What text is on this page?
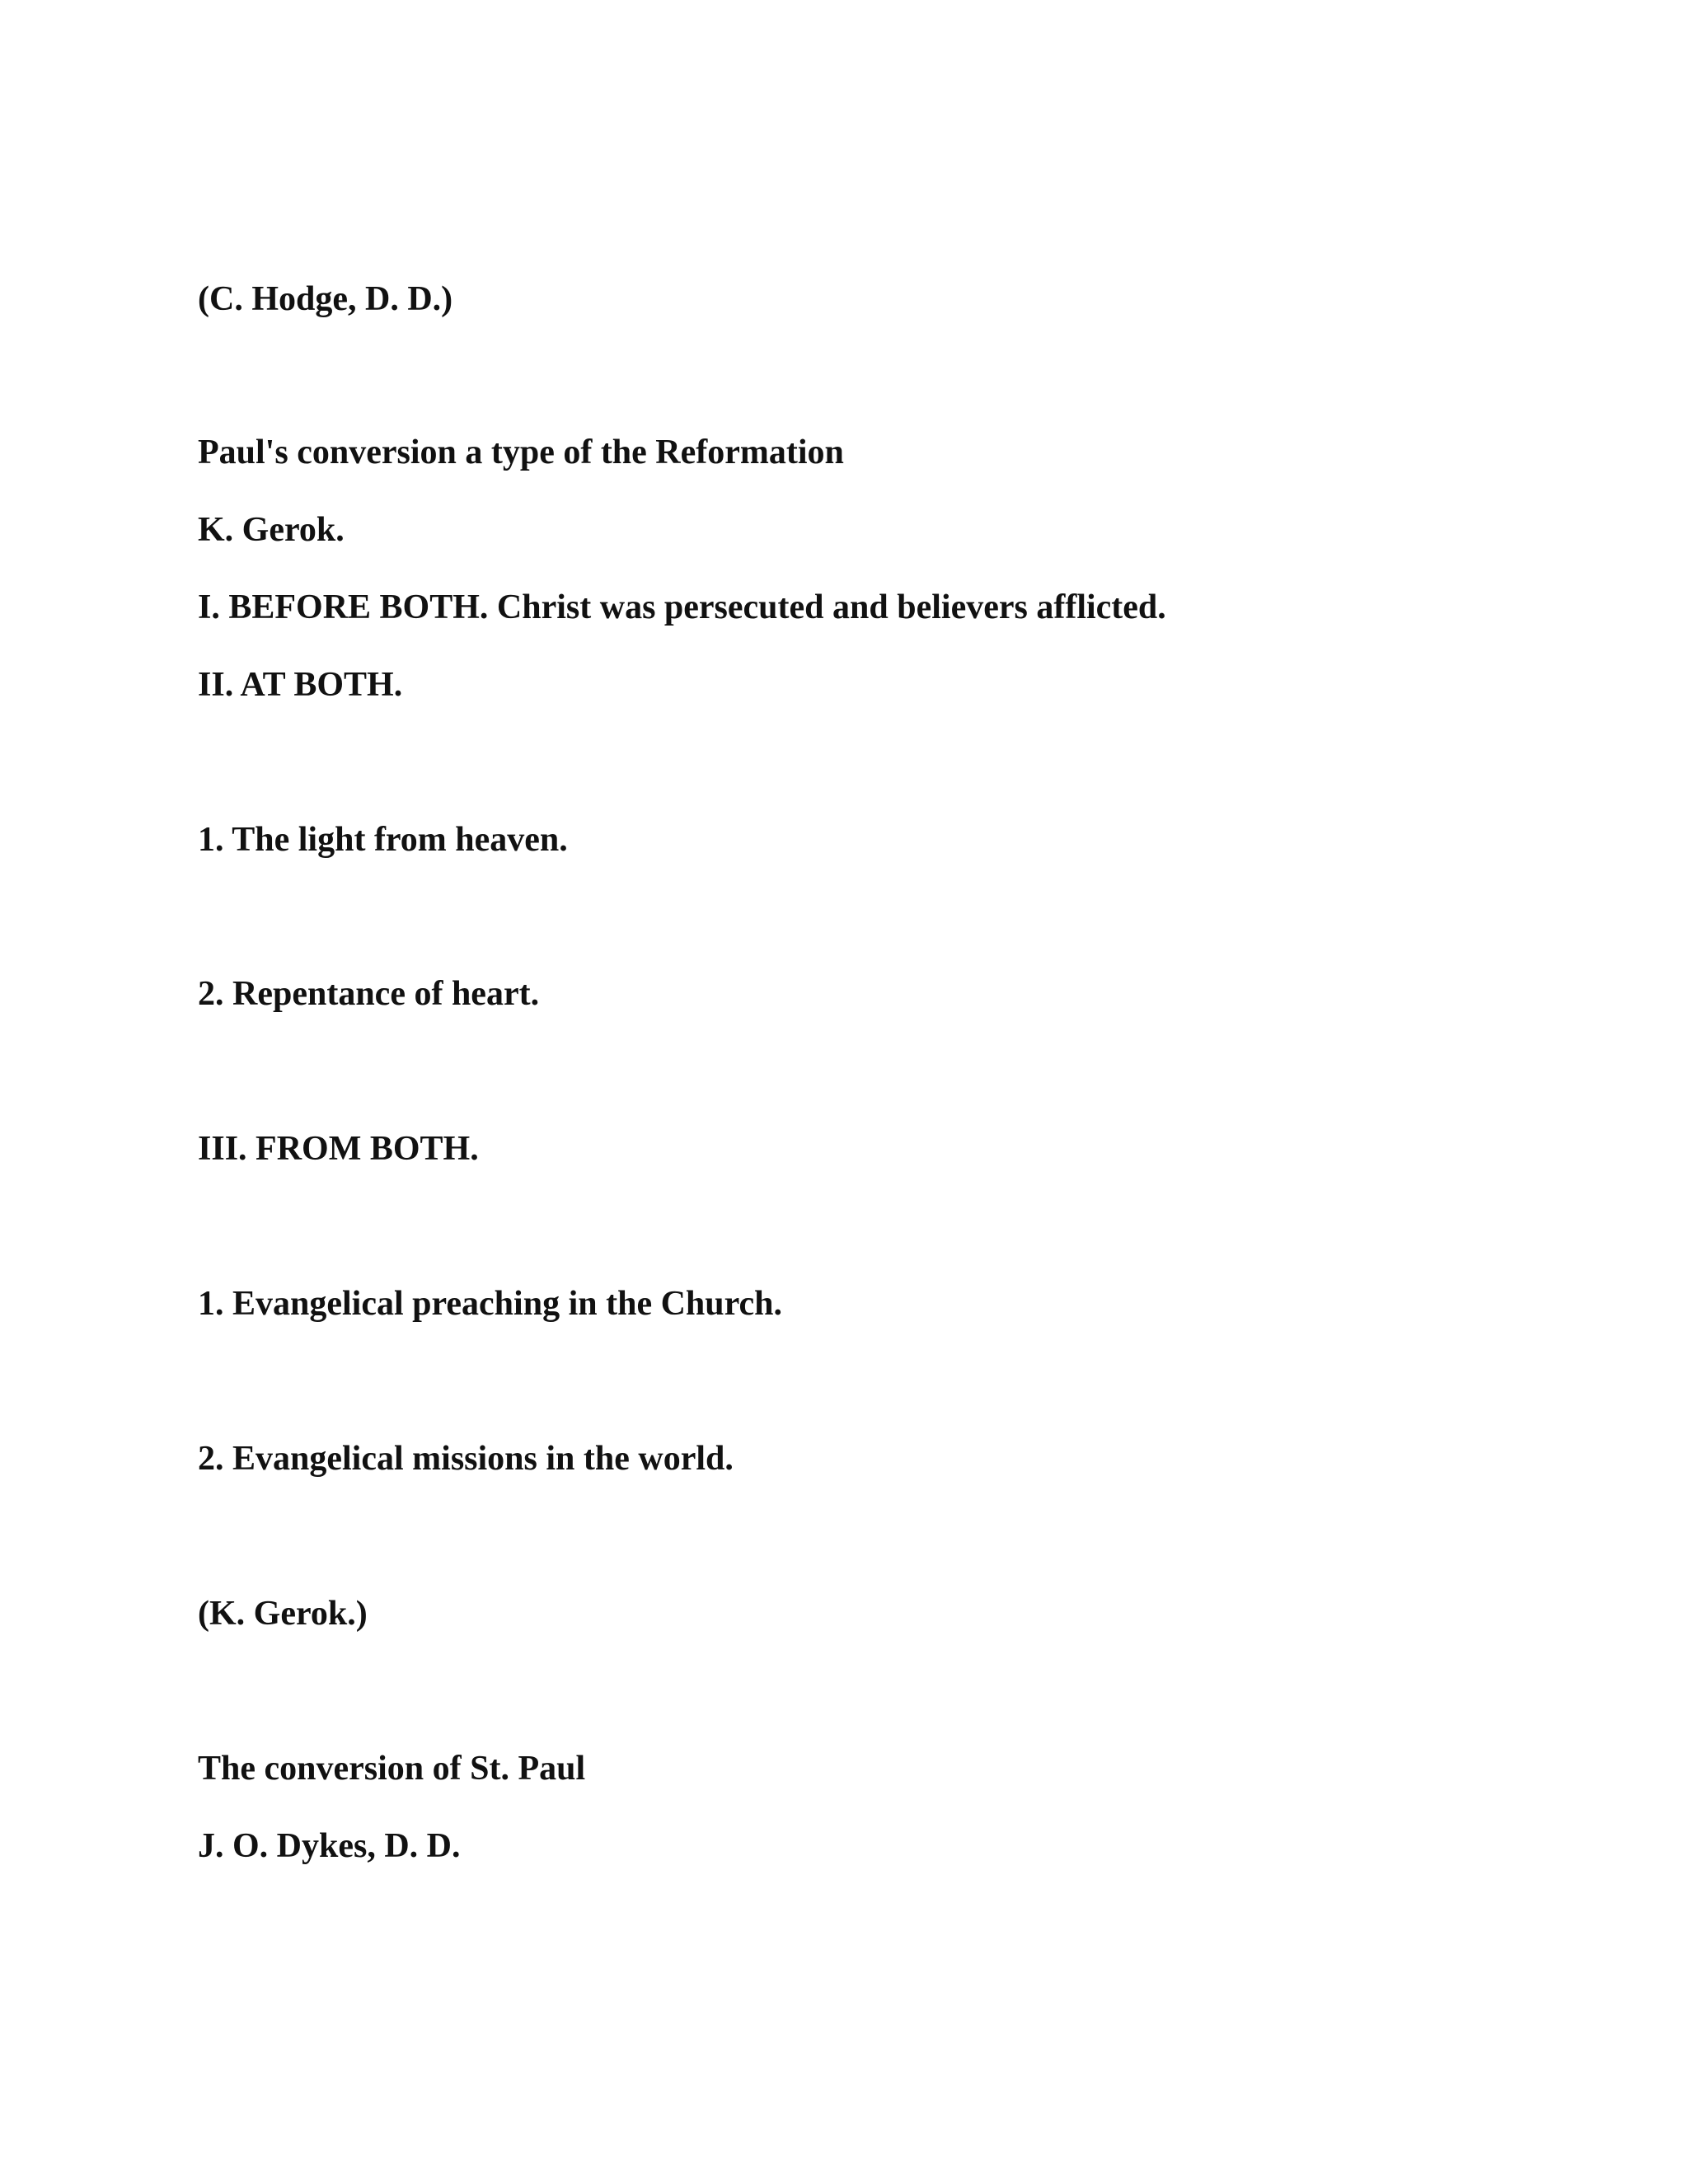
(C. Hodge, D. D.)

Paul's conversion a type of the Reformation

K. Gerok.

I. BEFORE BOTH. Christ was persecuted and believers afflicted.

II. AT BOTH.

1. The light from heaven.

2. Repentance of heart.

III. FROM BOTH.

1. Evangelical preaching in the Church.

2. Evangelical missions in the world.

(K. Gerok.)

The conversion of St. Paul

J. O. Dykes, D. D.
